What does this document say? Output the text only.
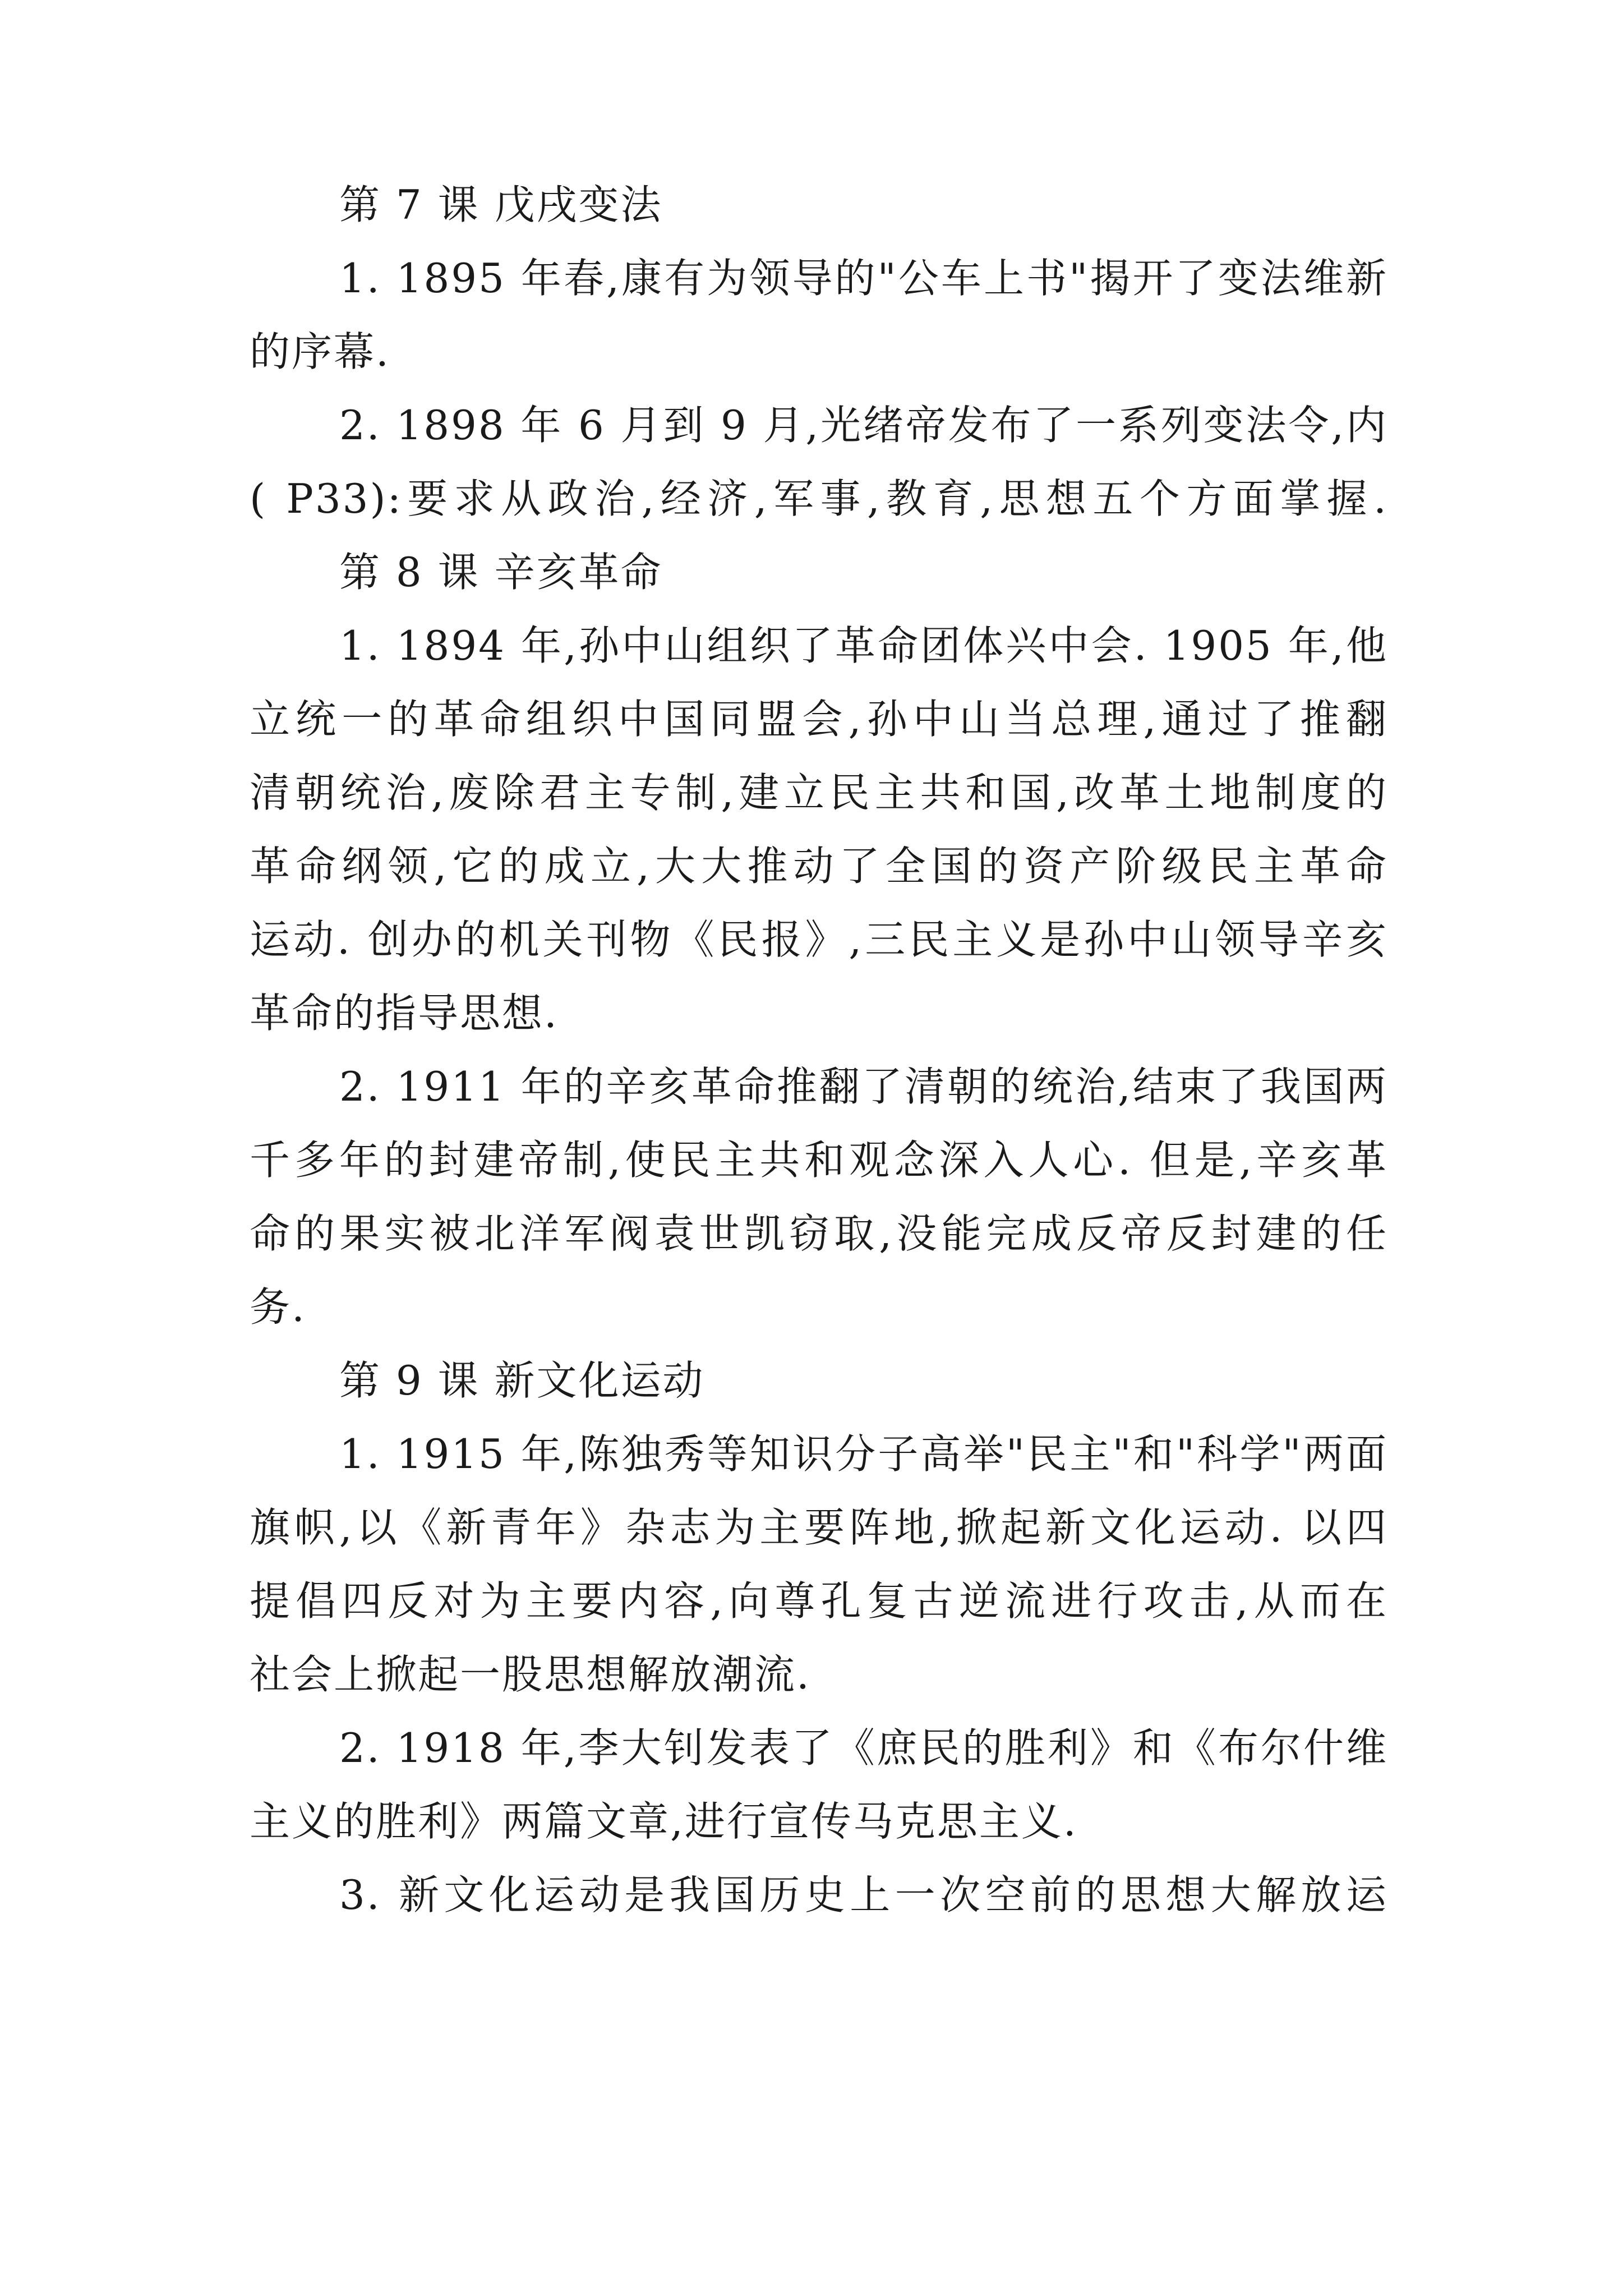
第 7 课 戊戌变法
1. 1895 年春,康有为领导的"公车上书"揭开了变法维新
的序幕.
2. 1898 年 6 月到 9 月,光绪帝发布了一系列变法令,内
( P33):要求从政治,经济,军事,教育,思想五个方面掌握.
第 8 课 辛亥革命
1. 1894 年,孙中山组织了革命团体兴中会. 1905 年,他
立统一的革命组织中国同盟会,孙中山当总理,通过了推翻
清朝统治,废除君主专制,建立民主共和国,改革土地制度的
革命纲领,它的成立,大大推动了全国的资产阶级民主革命
运动. 创办的机关刊物《民报》,三民主义是孙中山领导辛亥
革命的指导思想.
2. 1911 年的辛亥革命推翻了清朝的统治,结束了我国两
千多年的封建帝制,使民主共和观念深入人心. 但是,辛亥革
命的果实被北洋军阀袁世凯窃取,没能完成反帝反封建的任
务.
第 9 课 新文化运动
1. 1915 年,陈独秀等知识分子高举"民主"和"科学"两面
旗帜,以《新青年》杂志为主要阵地,掀起新文化运动. 以四
提倡四反对为主要内容,向尊孔复古逆流进行攻击,从而在
社会上掀起一股思想解放潮流.
2. 1918 年,李大钊发表了《庶民的胜利》和《布尔什维
主义的胜利》两篇文章,进行宣传马克思主义.
3. 新文化运动是我国历史上一次空前的思想大解放运
